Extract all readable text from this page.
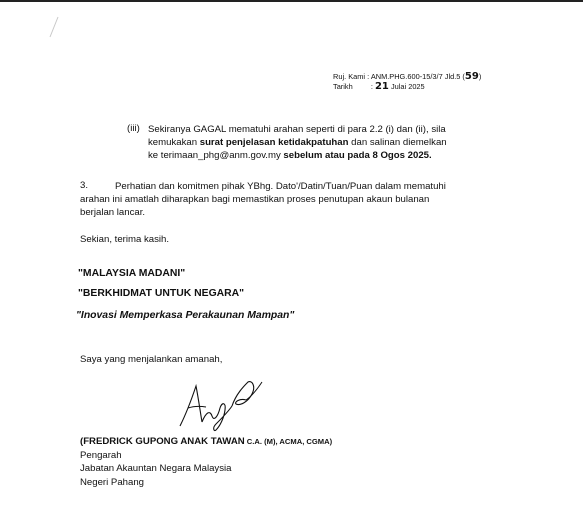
Ruj. Kami : ANM.PHG.600-15/3/7 Jld.5 (59)
Tarikh : 21 Julai 2025
(iii) Sekiranya GAGAL mematuhi arahan seperti di para 2.2 (i) dan (ii), sila
kemukakan surat penjelasan ketidakpatuhan dan salinan diemelkan
ke terimaan_phg@anm.gov.my sebelum atau pada 8 Ogos 2025.
3.	Perhatian dan komitmen pihak YBhg. Dato'/Datin/Tuan/Puan dalam mematuhi
arahan ini amatlah diharapkan bagi memastikan proses penutupan akaun bulanan
berjalan lancar.
Sekian, terima kasih.
"MALAYSIA MADANI"
"BERKHIDMAT UNTUK NEGARA"
"Inovasi Memperkasa Perakaunan Mampan"
Saya yang menjalankan amanah,
(FREDRICK GUPONG ANAK TAWAN C.A. (M), ACMA, CGMA)
Pengarah
Jabatan Akauntan Negara Malaysia
Negeri Pahang
